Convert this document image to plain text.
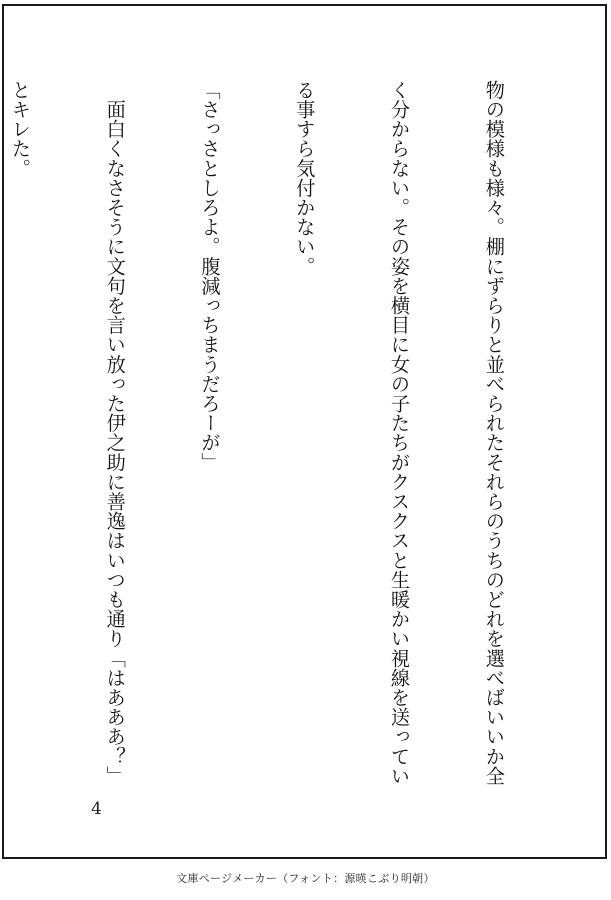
物の模様も様々。棚にずらりと並べられたそれらのうちのどれを選べばいいか全

く分からない。その姿を横目に女の子たちがクスクスと生暖かい視線を送ってい

る事すら気付かない。

「さっさとしろよ。腹減っちまうだろーが」

　面白くなさそうに文句を言い放った伊之助に善逸はいつも通り「はあああ？」

とキレた。

4
文庫ページメーカー（フォント：源暎こぶり明朝）
